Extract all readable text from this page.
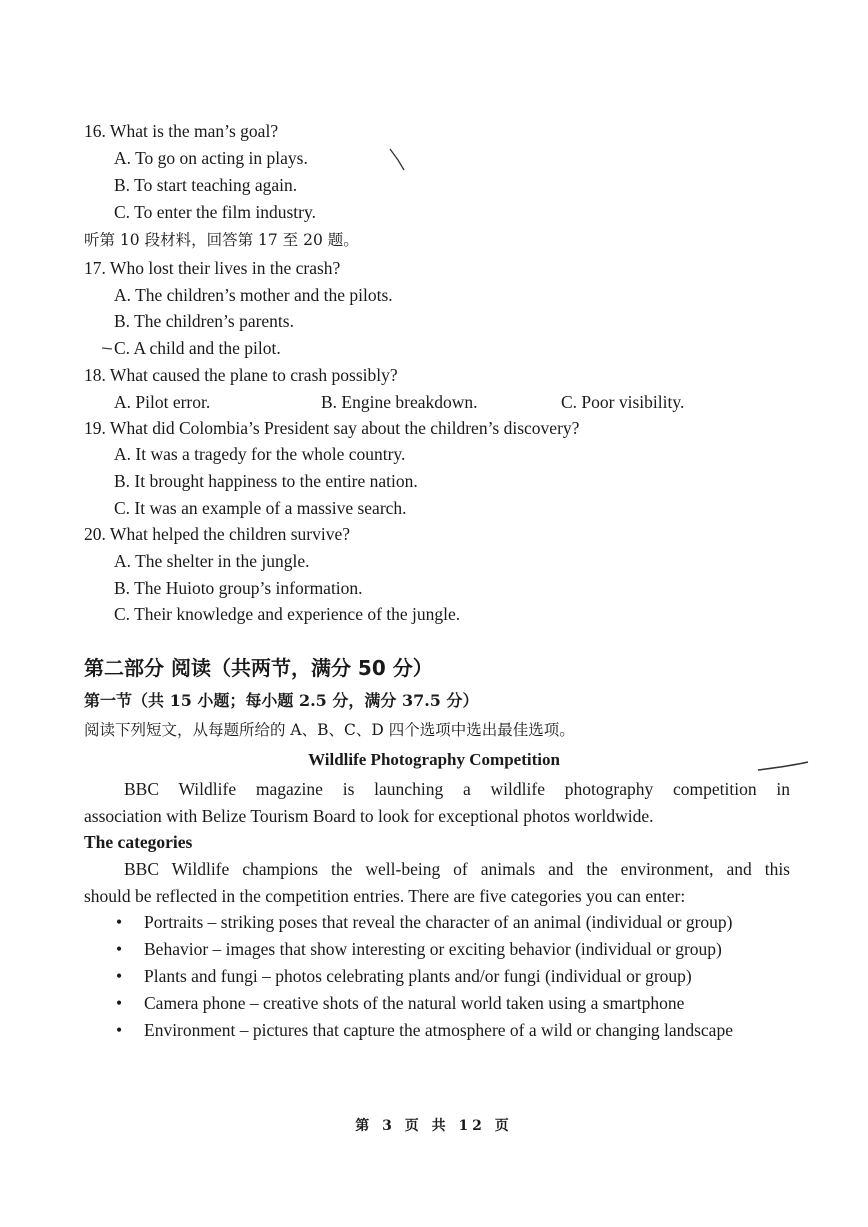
16. What is the man’s goal?
A. To go on acting in plays.
B. To start teaching again.
C. To enter the film industry.
听第 10 段材料，回答第 17 至 20 题。
17. Who lost their lives in the crash?
A. The children’s mother and the pilots.
B. The children’s parents.
C. A child and the pilot.
18. What caused the plane to crash possibly?
A. Pilot error.	B. Engine breakdown.	C. Poor visibility.
19. What did Colombia’s President say about the children’s discovery?
A. It was a tragedy for the whole country.
B. It brought happiness to the entire nation.
C. It was an example of a massive search.
20. What helped the children survive?
A. The shelter in the jungle.
B. The Huioto group’s information.
C. Their knowledge and experience of the jungle.
第二部分 阅读（共两节，满分 50 分）
第一节（共 15 小题；每小题 2.5 分，满分 37.5 分）
阅读下列短文，从每题所给的 A、B、C、D 四个选项中选出最佳选项。
Wildlife Photography Competition
BBC Wildlife magazine is launching a wildlife photography competition in
association with Belize Tourism Board to look for exceptional photos worldwide.
The categories
BBC Wildlife champions the well-being of animals and the environment, and this
should be reflected in the competition entries. There are five categories you can enter:
• Portraits – striking poses that reveal the character of an animal (individual or group)
• Behavior – images that show interesting or exciting behavior (individual or group)
• Plants and fungi – photos celebrating plants and/or fungi (individual or group)
• Camera phone – creative shots of the natural world taken using a smartphone
• Environment – pictures that capture the atmosphere of a wild or changing landscape
第 3 页 共 12 页
